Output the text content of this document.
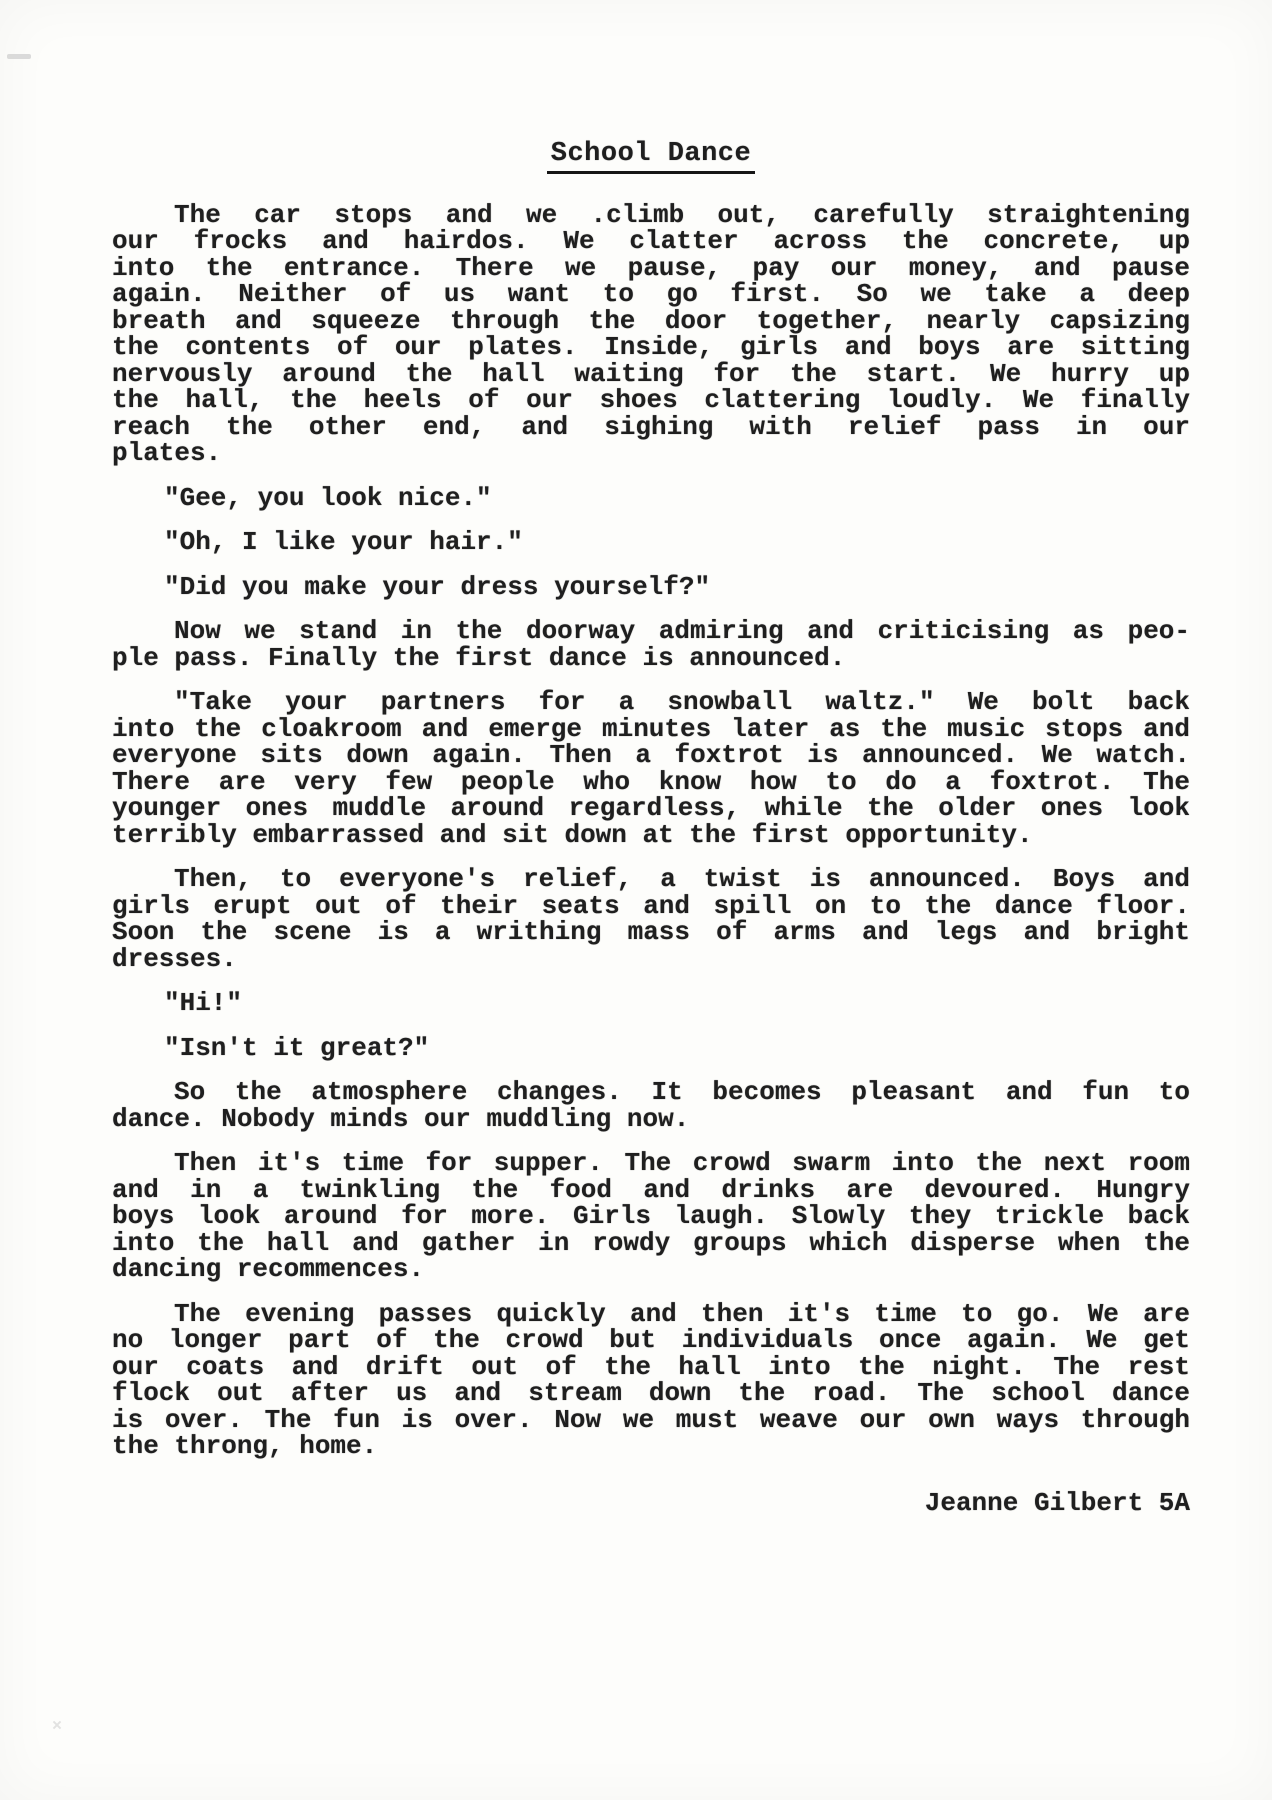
School Dance
The car stops and we .climb out, carefully straightening
our frocks and hairdos. We clatter across the concrete, up
into the entrance. There we pause, pay our money, and pause
again. Neither of us want to go first. So we take a deep
breath and squeeze through the door together, nearly capsizing
the contents of our plates. Inside, girls and boys are sitting
nervously around the hall waiting for the start. We hurry up
the hall, the heels of our shoes clattering loudly. We finally
reach the other end, and sighing with relief pass in our
plates.
"Gee, you look nice."
"Oh, I like your hair."
"Did you make your dress yourself?"
Now we stand in the doorway admiring and criticising as peo-
ple pass. Finally the first dance is announced.
"Take your partners for a snowball waltz." We bolt back
into the cloakroom and emerge minutes later as the music stops and
everyone sits down again. Then a foxtrot is announced. We watch.
There are very few people who know how to do a foxtrot. The
younger ones muddle around regardless, while the older ones look
terribly embarrassed and sit down at the first opportunity.
Then, to everyone's relief, a twist is announced. Boys and
girls erupt out of their seats and spill on to the dance floor.
Soon the scene is a writhing mass of arms and legs and bright
dresses.
"Hi!"
"Isn't it great?"
So the atmosphere changes. It becomes pleasant and fun to
dance. Nobody minds our muddling now.
Then it's time for supper. The crowd swarm into the next room
and in a twinkling the food and drinks are devoured. Hungry
boys look around for more. Girls laugh. Slowly they trickle back
into the hall and gather in rowdy groups which disperse when the
dancing recommences.
The evening passes quickly and then it's time to go. We are
no longer part of the crowd but individuals once again. We get
our coats and drift out of the hall into the night. The rest
flock out after us and stream down the road. The school dance
is over. The fun is over. Now we must weave our own ways through
the throng, home.
Jeanne Gilbert 5A
